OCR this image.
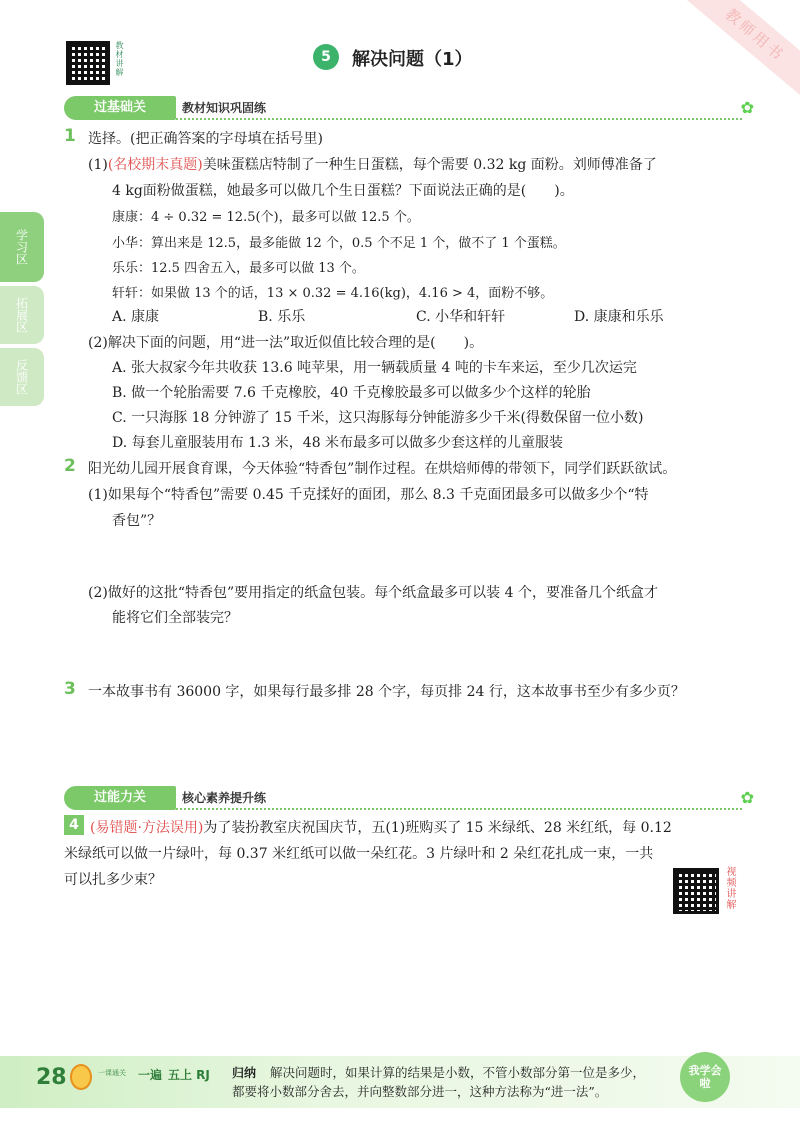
教师用书
教材讲解	5	解决问题（1）
学习区
拓展区
反馈区
过基础关	教材知识巩固练	✿
1 选择。(把正确答案的字母填在括号里)
(1)(名校期末真题)美味蛋糕店特制了一种生日蛋糕，每个需要 0.32 kg 面粉。刘师傅准备了
4 kg面粉做蛋糕，她最多可以做几个生日蛋糕？下面说法正确的是(　　)。
康康：4 ÷ 0.32 = 12.5(个)，最多可以做 12.5 个。
小华：算出来是 12.5，最多能做 12 个，0.5 个不足 1 个，做不了 1 个蛋糕。
乐乐：12.5 四舍五入，最多可以做 13 个。
轩轩：如果做 13 个的话，13 × 0.32 = 4.16(kg)，4.16 > 4，面粉不够。
A. 康康	B. 乐乐	C. 小华和轩轩	D. 康康和乐乐
(2)解决下面的问题，用“进一法”取近似值比较合理的是(　　)。
A. 张大叔家今年共收获 13.6 吨苹果，用一辆载质量 4 吨的卡车来运，至少几次运完
B. 做一个轮胎需要 7.6 千克橡胶，40 千克橡胶最多可以做多少个这样的轮胎
C. 一只海豚 18 分钟游了 15 千米，这只海豚每分钟能游多少千米(得数保留一位小数)
D. 每套儿童服装用布 1.3 米，48 米布最多可以做多少套这样的儿童服装
2 阳光幼儿园开展食育课，今天体验“特香包”制作过程。在烘焙师傅的带领下，同学们跃跃欲试。
(1)如果每个“特香包”需要 0.45 千克揉好的面团，那么 8.3 千克面团最多可以做多少个“特
香包”？
(2)做好的这批“特香包”要用指定的纸盒包装。每个纸盒最多可以装 4 个，要准备几个纸盒才
能将它们全部装完？
3 一本故事书有 36000 字，如果每行最多排 28 个字，每页排 24 行，这本故事书至少有多少页？
过能力关	核心素养提升练	✿
4 (易错题·方法误用)为了装扮教室庆祝国庆节，五(1)班购买了 15 米绿纸、28 米红纸，每 0.12
米绿纸可以做一片绿叶，每 0.37 米红纸可以做一朵红花。3 片绿叶和 2 朵红花扎成一束，一共
可以扎多少束？	视频讲解
28	一课通关 一遍 五上 RJ 归纳 解决问题时，如果计算的结果是小数，不管小数部分第一位是多少，
都要将小数部分舍去，并向整数部分进一，这种方法称为“进一法”。
我学会啦
